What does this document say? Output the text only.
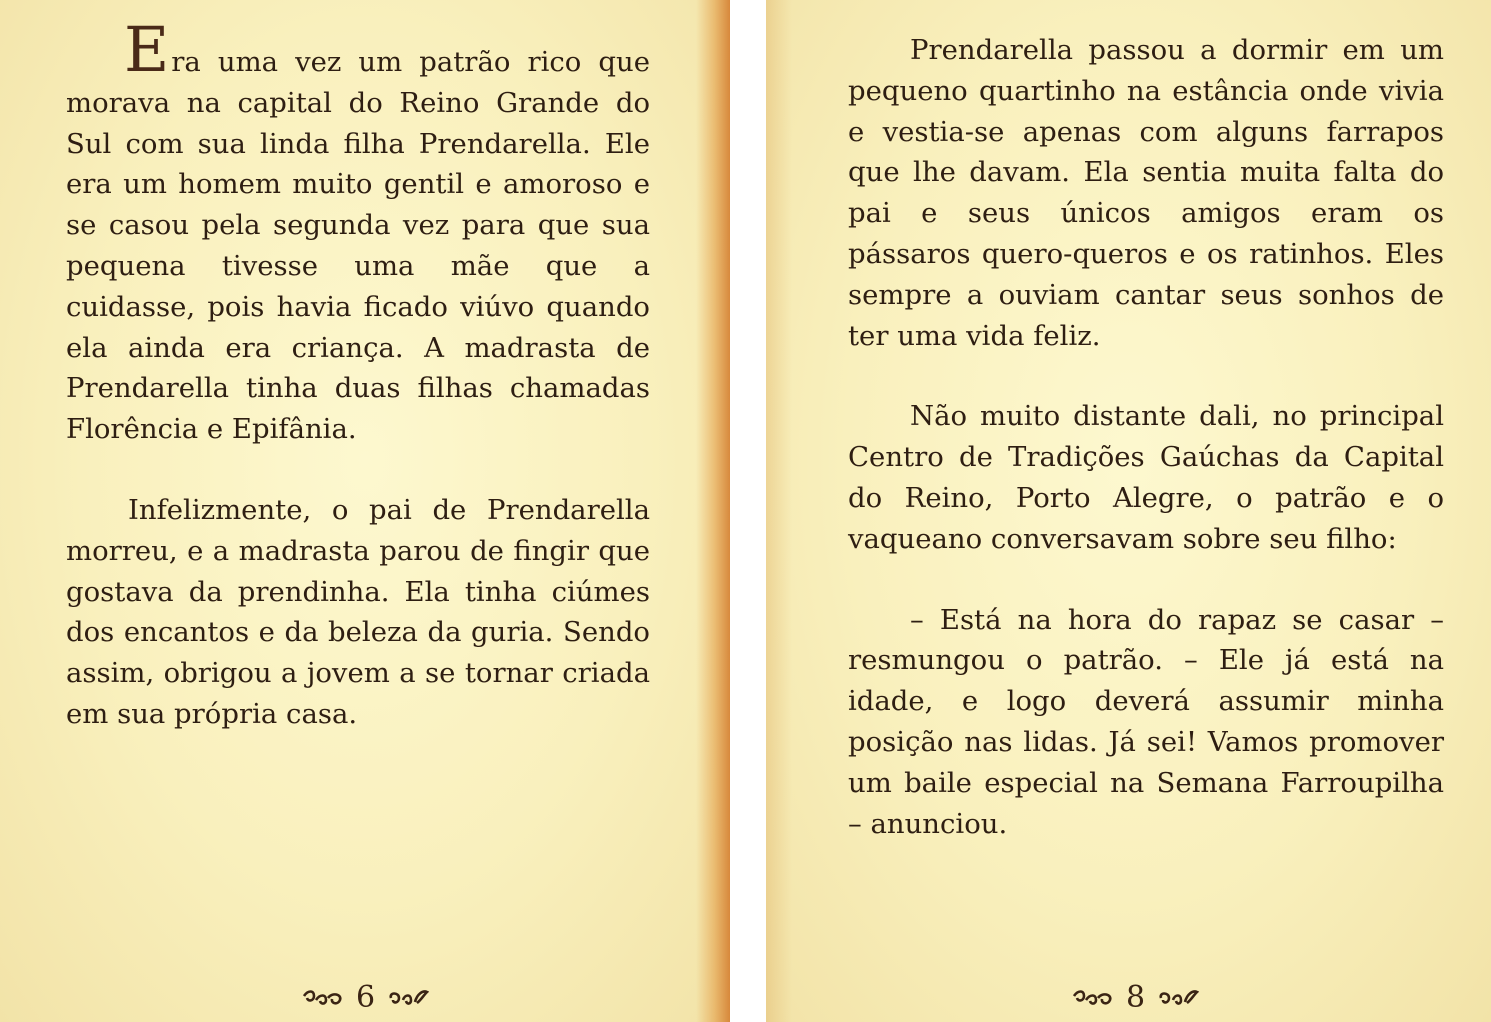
Era uma vez um patrão rico que morava na capital do Reino Grande do Sul com sua linda filha Prendarella. Ele era um homem muito gentil e amoroso e se casou pela segunda vez para que sua pequena tivesse uma mãe que a cuidasse, pois havia ficado viúvo quando ela ainda era criança. A madrasta de Prendarella tinha duas filhas chamadas Florência e Epifânia.

Infelizmente, o pai de Prendarella morreu, e a madrasta parou de fingir que gostava da prendinha. Ela tinha ciúmes dos encantos e da beleza da guria. Sendo assim, obrigou a jovem a se tornar criada em sua própria casa.

6

Prendarella passou a dormir em um pequeno quartinho na estância onde vivia e vestia-se apenas com alguns farrapos que lhe davam. Ela sentia muita falta do pai e seus únicos amigos eram os pássaros quero-queros e os ratinhos. Eles sempre a ouviam cantar seus sonhos de ter uma vida feliz.

Não muito distante dali, no principal Centro de Tradições Gaúchas da Capital do Reino, Porto Alegre, o patrão e o vaqueano conversavam sobre seu filho:

– Está na hora do rapaz se casar – resmungou o patrão. – Ele já está na idade, e logo deverá assumir minha posição nas lidas. Já sei! Vamos promover um baile especial na Semana Farroupilha – anunciou.

8
